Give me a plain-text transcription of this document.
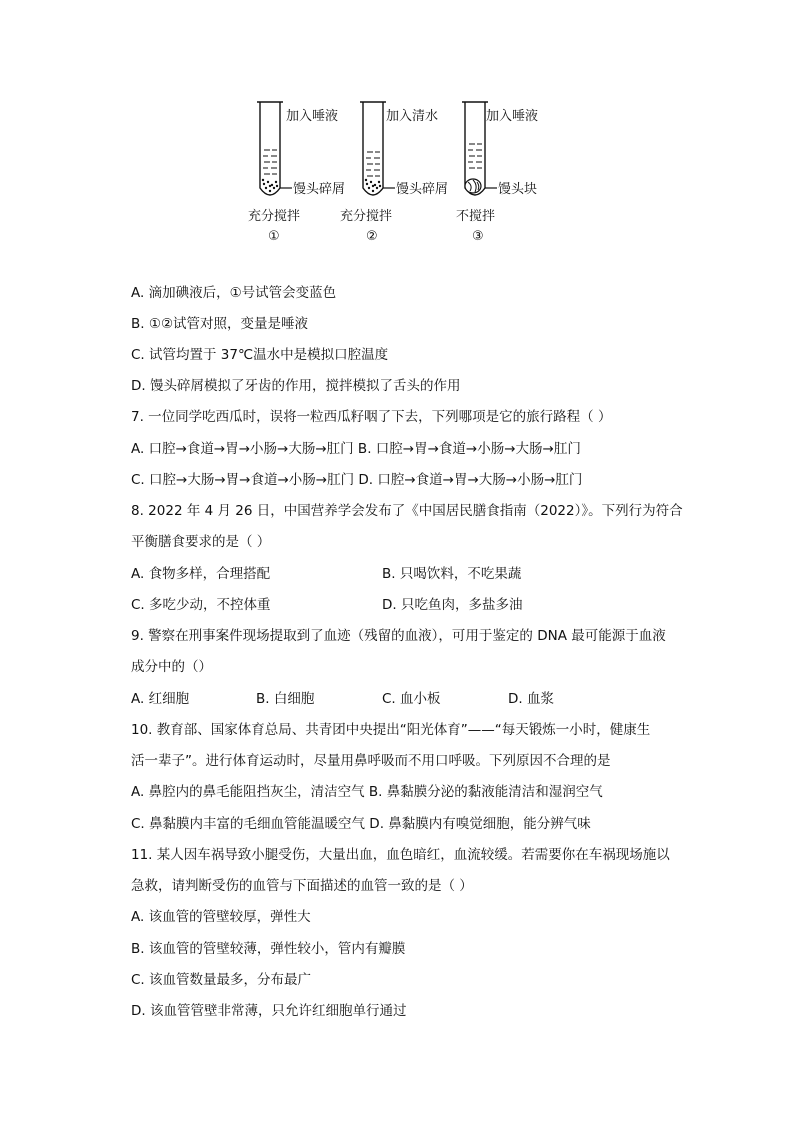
加入唾液
馒头碎屑
充分搅拌
①
加入清水
馒头碎屑
充分搅拌
②
加入唾液
馒头块
不搅拌
③
A. 滴加碘液后，①号试管会变蓝色
B. ①②试管对照，变量是唾液
C. 试管均置于 37℃温水中是模拟口腔温度
D. 馒头碎屑模拟了牙齿的作用，搅拌模拟了舌头的作用
7. 一位同学吃西瓜时，误将一粒西瓜籽咽了下去，下列哪项是它的旅行路程（ ）
A. 口腔→食道→胃→小肠→大肠→肛门 B. 口腔→胃→食道→小肠→大肠→肛门
C. 口腔→大肠→胃→食道→小肠→肛门 D. 口腔→食道→胃→大肠→小肠→肛门
8. 2022 年 4 月 26 日，中国营养学会发布了《中国居民膳食指南（2022）》。下列行为符合
平衡膳食要求的是（ ）
A. 食物多样，合理搭配	B. 只喝饮料，不吃果蔬
C. 多吃少动，不控体重	D. 只吃鱼肉，多盐多油
9. 警察在刑事案件现场提取到了血迹（残留的血液），可用于鉴定的 DNA 最可能源于血液
成分中的（）
A. 红细胞	B. 白细胞	C. 血小板	D. 血浆
10. 教育部、国家体育总局、共青团中央提出“阳光体育”——“每天锻炼一小时，健康生
活一辈子”。进行体育运动时，尽量用鼻呼吸而不用口呼吸。下列原因不合理的是
A. 鼻腔内的鼻毛能阻挡灰尘，清洁空气 B. 鼻黏膜分泌的黏液能清洁和湿润空气
C. 鼻黏膜内丰富的毛细血管能温暖空气 D. 鼻黏膜内有嗅觉细胞，能分辨气味
11. 某人因车祸导致小腿受伤，大量出血，血色暗红，血流较缓。若需要你在车祸现场施以
急救，请判断受伤的血管与下面描述的血管一致的是（ ）
A. 该血管的管壁较厚，弹性大
B. 该血管的管壁较薄，弹性较小，管内有瓣膜
C. 该血管数量最多，分布最广
D. 该血管管壁非常薄，只允许红细胞单行通过
